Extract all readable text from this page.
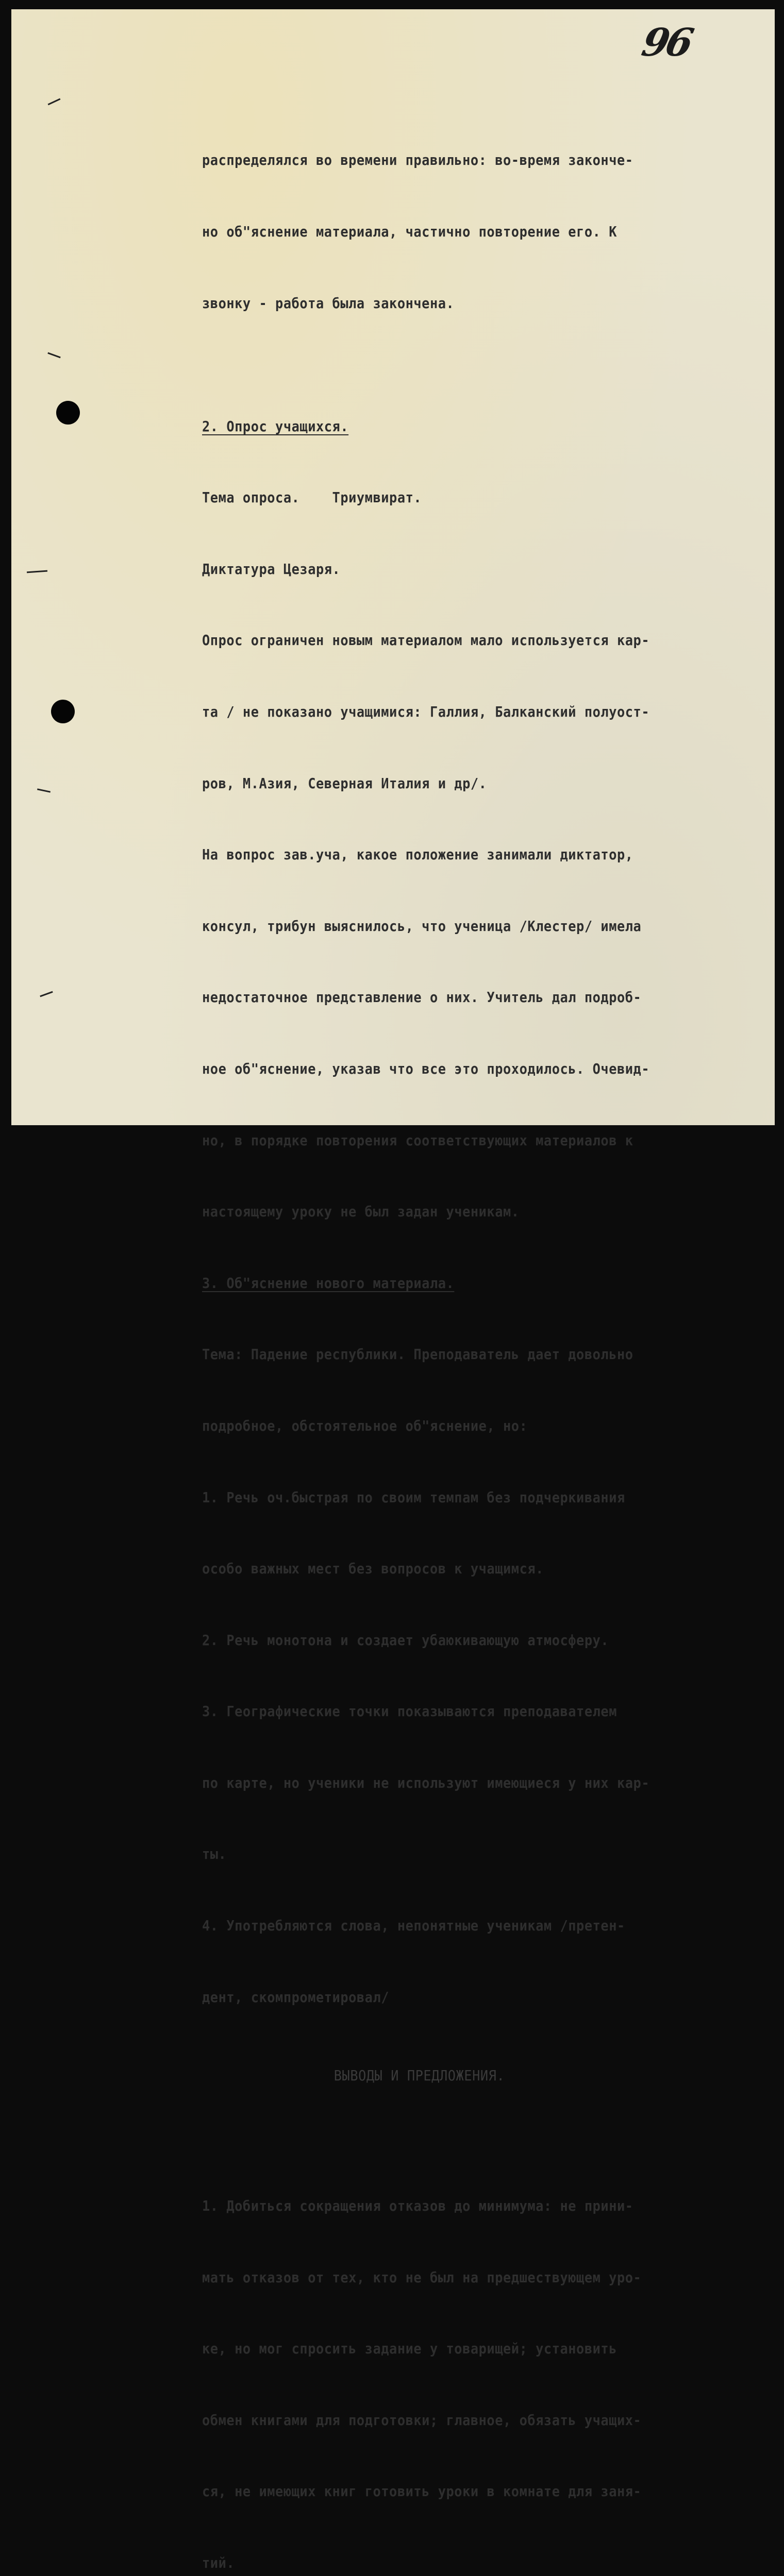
96

распределялся во времени правильно: во-время закончe-

но об"яснение материала, частично повторение его. К

звонку - работа была закончена.

2. Опрос учащихся.

Тема опроса.    Триумвират.

Диктатура Цезаря.

Опрос ограничен новым материалом мало используется кар-

та / не показано учащимися: Галлия, Балканский полуост-

ров, М.Азия, Северная Италия и др/.

На вопрос зав.уча, какое положение занимали диктатор,

консул, трибун выяснилось, что ученица /Клестер/ имела

недостаточное представление о них. Учитель дал подроб-

ное об"яснение, указав что все это проходилось. Очевид-

но, в порядке повторения соответствующих материалов к

настоящему уроку не был задан ученикам.

3. Об"яснение нового материала.

Тема: Падение республики. Преподаватель дает довольно

подробное, обстоятельное об"яснение, но:

1. Речь оч.быстрая по своим темпам без подчеркивания

особо важных мест без вопросов к учащимся.

2. Речь монотона и создает убаюкивающую атмосферу.

3. Географические точки показываются преподавателем

по карте, но ученики не используют имеющиеся у них кар-

ты.

4. Употребляются слова, непонятные ученикам /претен-

дент, скомпрометировал/

ВЫВОДЫ И ПРЕДЛОЖЕНИЯ.

1. Добиться сокращения отказов до минимума: не прини-

мать отказов от тех, кто не был на предшествующем уро-

ке, но мог спросить задание у товарищей; установить

обмен книгами для подготовки; главное, обязать учащих-

ся, не имеющих книг готовить уроки в комнате для заня-

тий.
